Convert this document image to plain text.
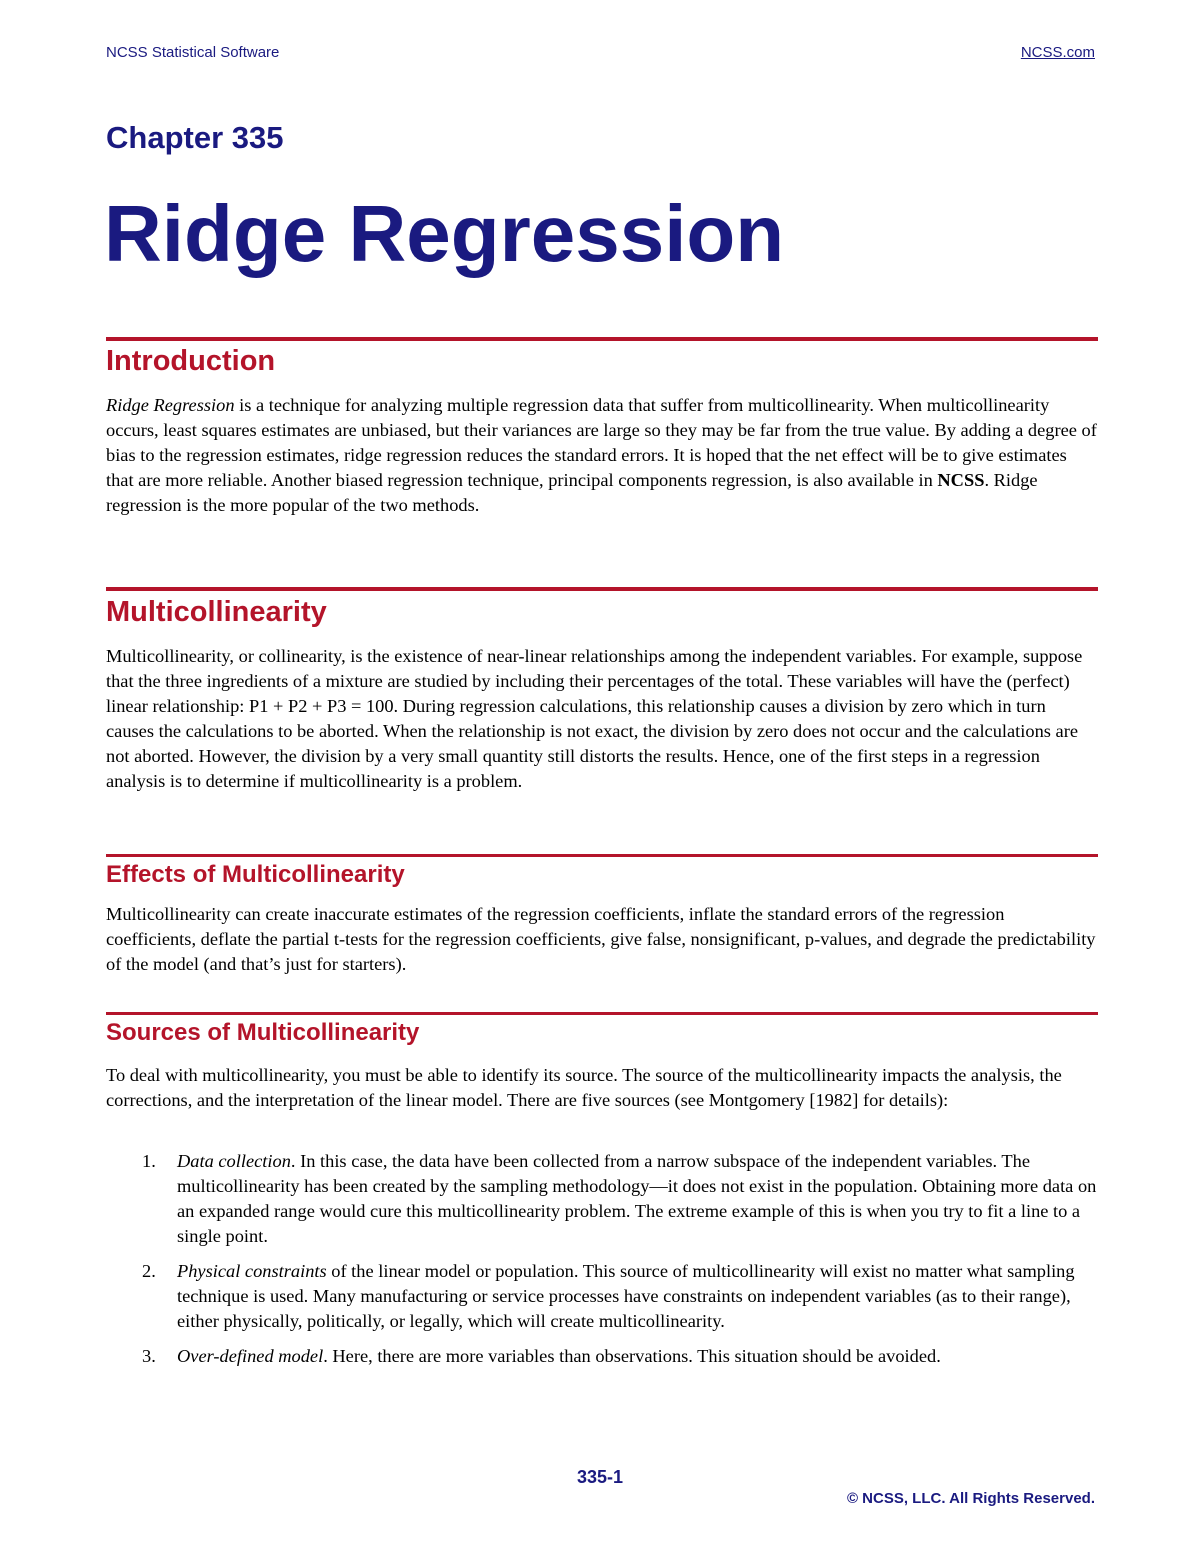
NCSS Statistical Software	NCSS.com
Chapter 335
Ridge Regression
Introduction
Ridge Regression is a technique for analyzing multiple regression data that suffer from multicollinearity. When multicollinearity occurs, least squares estimates are unbiased, but their variances are large so they may be far from the true value. By adding a degree of bias to the regression estimates, ridge regression reduces the standard errors. It is hoped that the net effect will be to give estimates that are more reliable. Another biased regression technique, principal components regression, is also available in NCSS. Ridge regression is the more popular of the two methods.
Multicollinearity
Multicollinearity, or collinearity, is the existence of near-linear relationships among the independent variables. For example, suppose that the three ingredients of a mixture are studied by including their percentages of the total. These variables will have the (perfect) linear relationship: P1 + P2 + P3 = 100. During regression calculations, this relationship causes a division by zero which in turn causes the calculations to be aborted. When the relationship is not exact, the division by zero does not occur and the calculations are not aborted. However, the division by a very small quantity still distorts the results. Hence, one of the first steps in a regression analysis is to determine if multicollinearity is a problem.
Effects of Multicollinearity
Multicollinearity can create inaccurate estimates of the regression coefficients, inflate the standard errors of the regression coefficients, deflate the partial t-tests for the regression coefficients, give false, nonsignificant, p-values, and degrade the predictability of the model (and that’s just for starters).
Sources of Multicollinearity
To deal with multicollinearity, you must be able to identify its source. The source of the multicollinearity impacts the analysis, the corrections, and the interpretation of the linear model. There are five sources (see Montgomery [1982] for details):
1. Data collection. In this case, the data have been collected from a narrow subspace of the independent variables. The multicollinearity has been created by the sampling methodology—it does not exist in the population. Obtaining more data on an expanded range would cure this multicollinearity problem. The extreme example of this is when you try to fit a line to a single point.
2. Physical constraints of the linear model or population. This source of multicollinearity will exist no matter what sampling technique is used. Many manufacturing or service processes have constraints on independent variables (as to their range), either physically, politically, or legally, which will create multicollinearity.
3. Over-defined model. Here, there are more variables than observations. This situation should be avoided.
335-1
© NCSS, LLC. All Rights Reserved.
